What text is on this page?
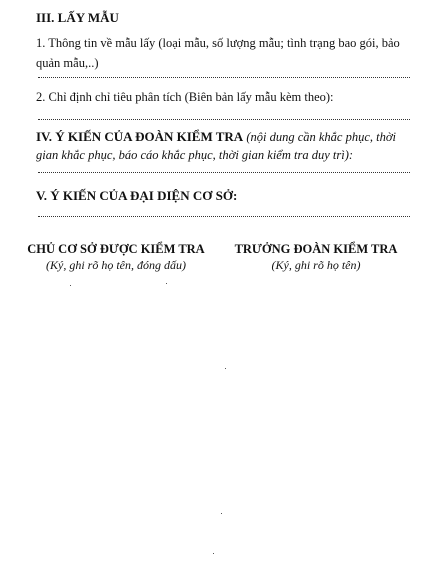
III. LẤY MẪU
1. Thông tin về mẫu lấy (loại mẫu, số lượng mẫu; tình trạng bao gói, bảo quản mẫu,..)
2. Chỉ định chỉ tiêu phân tích (Biên bản lấy mẫu kèm theo):
IV. Ý KIẾN CỦA ĐOÀN KIỂM TRA (nội dung cần khắc phục, thời gian khắc phục, báo cáo khắc phục, thời gian kiểm tra duy trì):
V. Ý KIẾN CỦA ĐẠI DIỆN CƠ SỞ:
CHỦ CƠ SỞ ĐƯỢC KIỂM TRA
(Ký, ghi rõ họ tên, đóng dấu)
TRƯỞNG ĐOÀN KIỂM TRA
(Ký, ghi rõ họ tên)
